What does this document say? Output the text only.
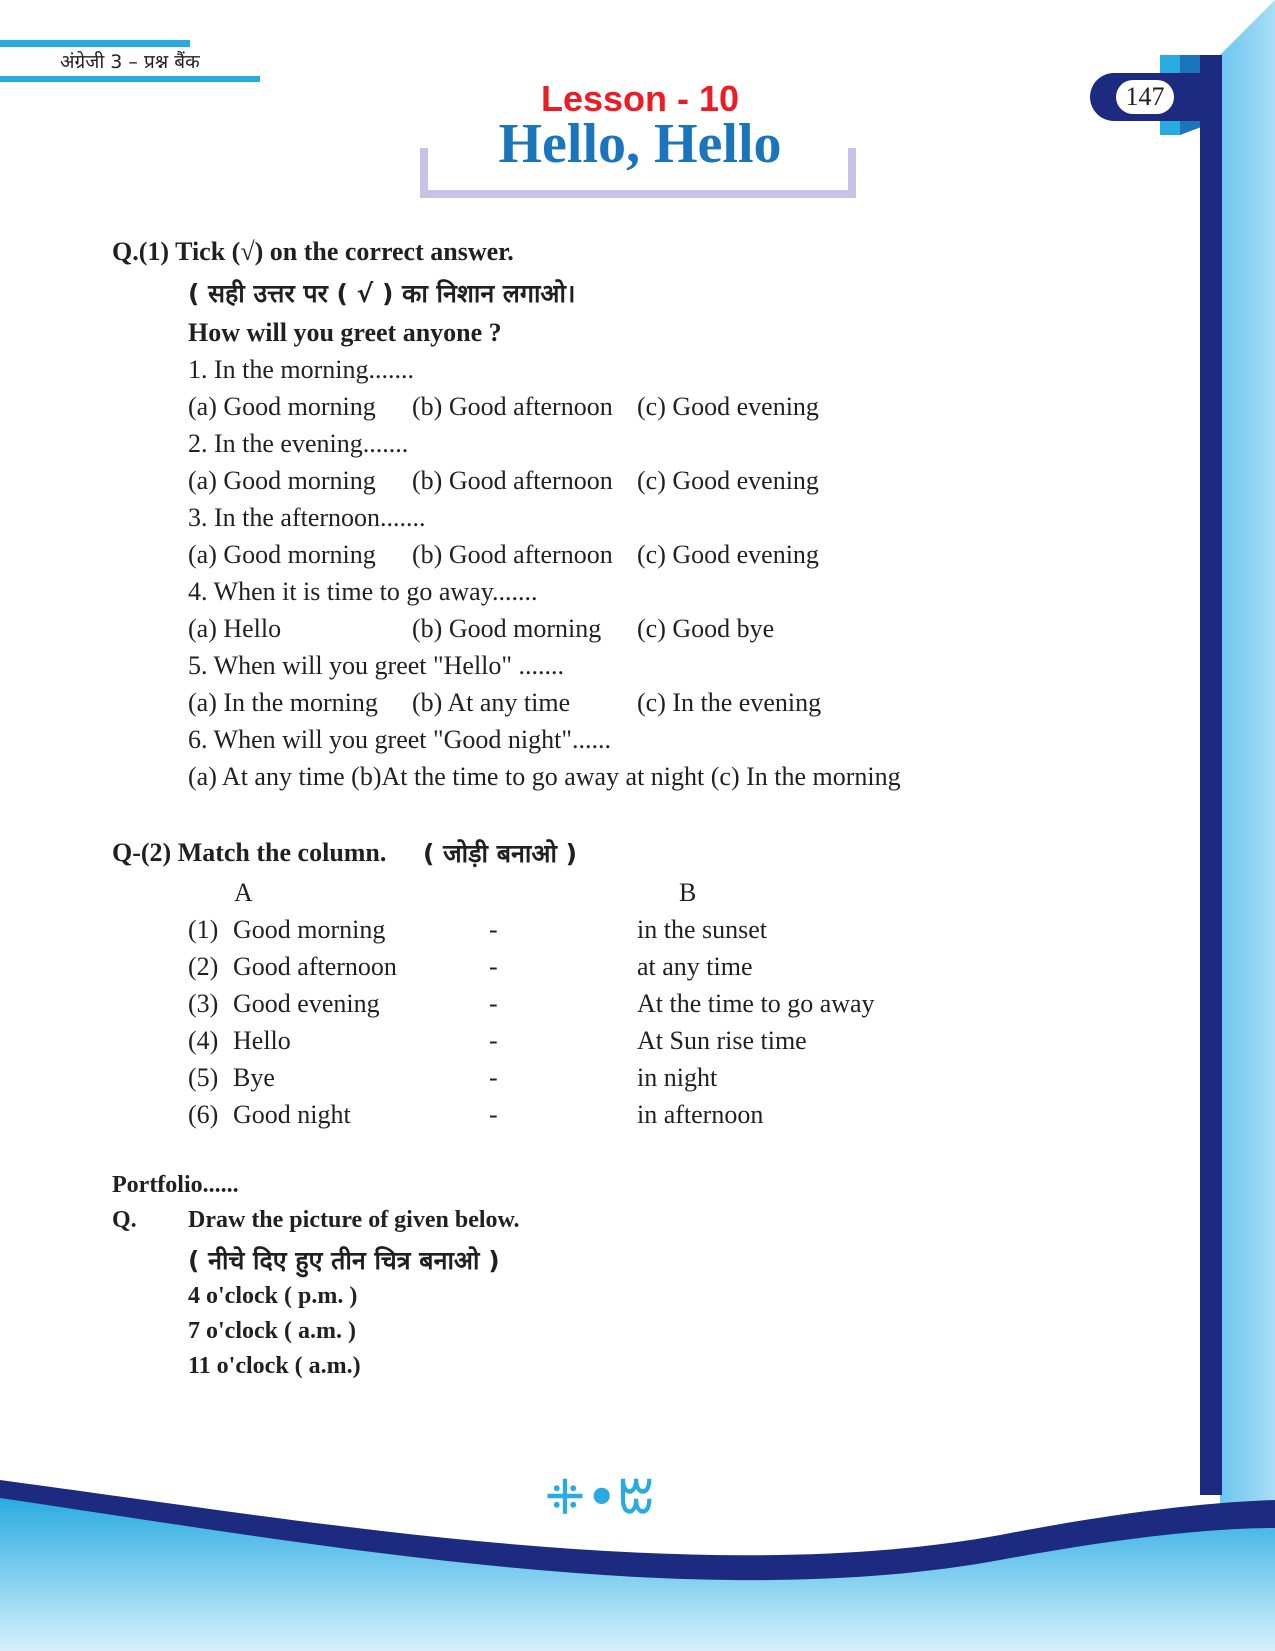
अंग्रेजी 3 – प्रश्न बैंक
147
Lesson - 10
Hello, Hello
Q.(1) Tick (√) on the correct answer.
( सही उत्तर पर ( √ ) का निशान लगाओ।
How will you greet anyone ?
1. In the morning.......
(a) Good morning (b) Good afternoon (c) Good evening
2. In the evening.......
(a) Good morning (b) Good afternoon (c) Good evening
3. In the afternoon.......
(a) Good morning (b) Good afternoon (c) Good evening
4. When it is time to go away.......
(a) Hello	(b) Good morning (c) Good bye
5. When will you greet "Hello" .......
(a) In the morning (b) At any time	(c) In the evening
6. When will you greet "Good night"......
(a) At any time (b)At the time to go away at night (c) In the morning
Q-(2) Match the column. ( जोड़ी बनाओ )
A	B
(1) Good morning	-	in the sunset
(2) Good afternoon	-	at any time
(3) Good evening	-	At the time to go away
(4) Hello	-	At Sun rise time
(5) Bye	-	in night
(6) Good night	-	in afternoon
Portfolio......
Q. Draw the picture of given below.
( नीचे दिए हुए तीन चित्र बनाओ )
4 o'clock ( p.m. )
7 o'clock ( a.m. )
11 o'clock ( a.m.)
ꔰ•ꔱ
